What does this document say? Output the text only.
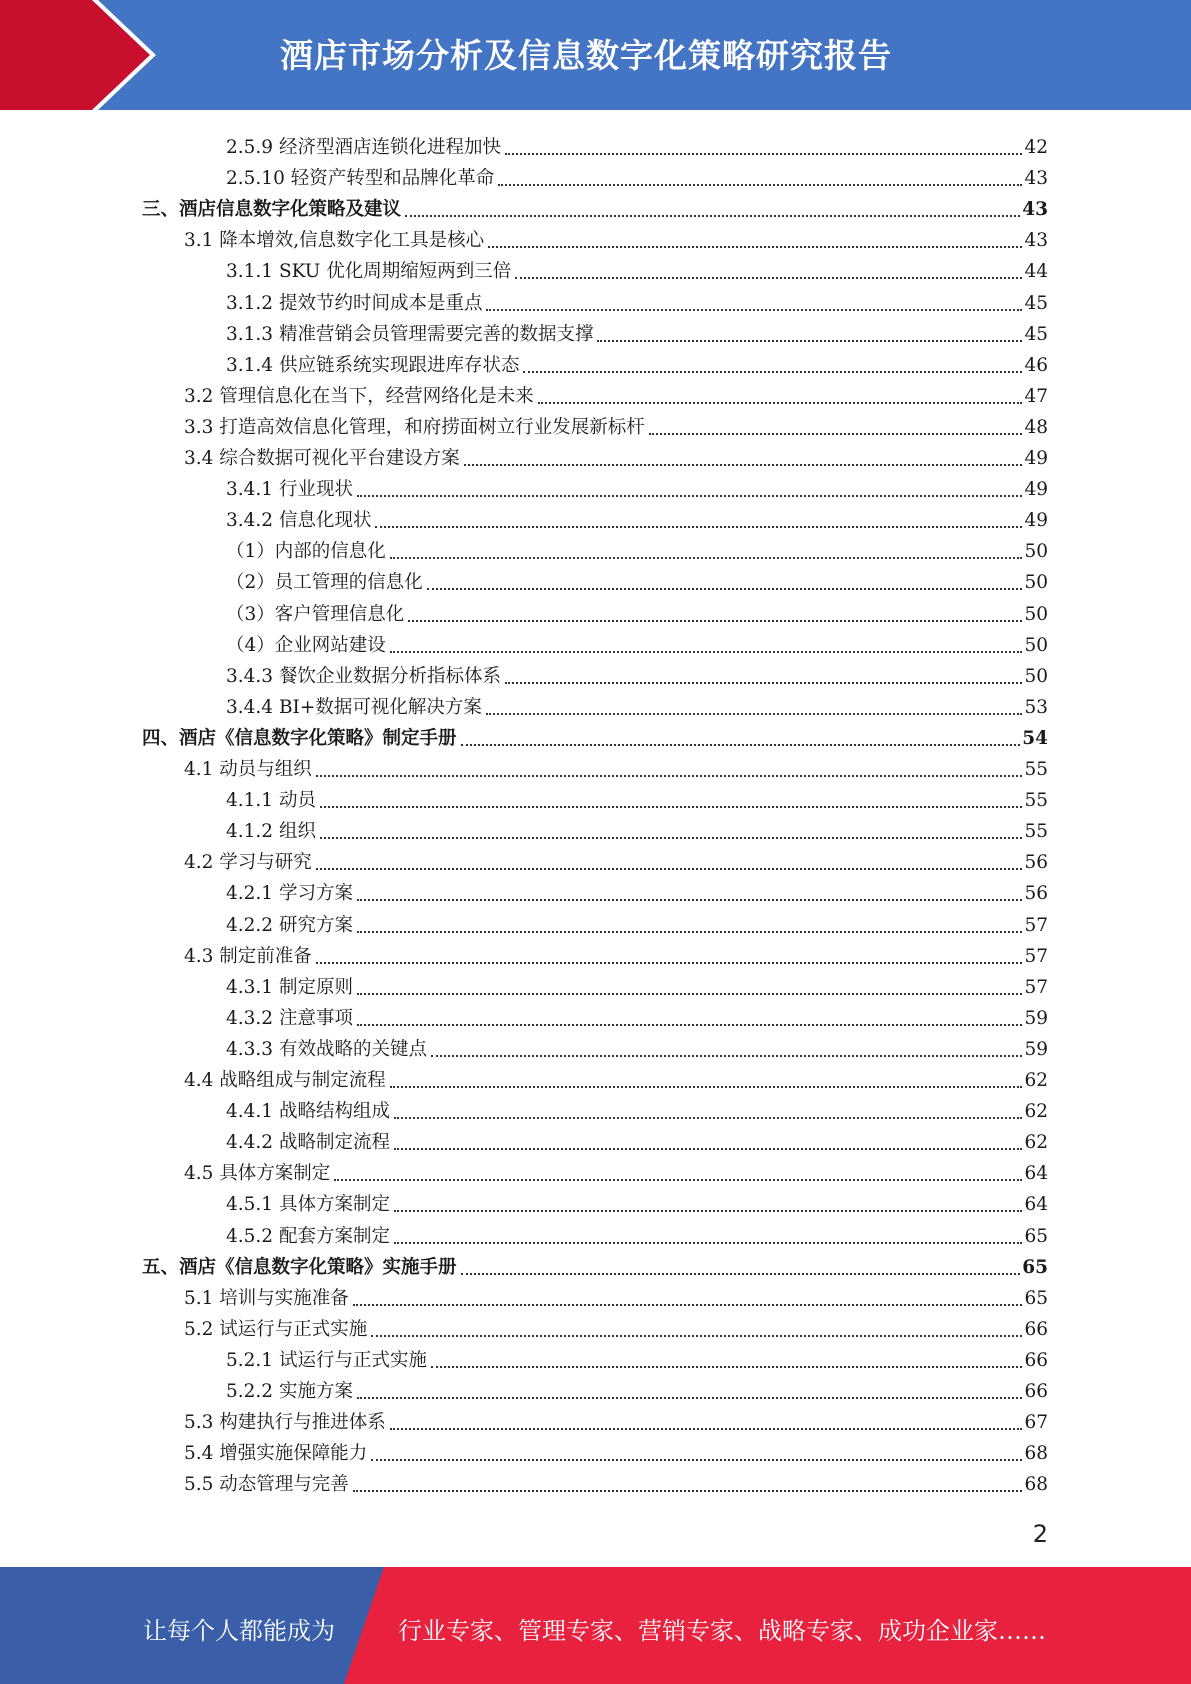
酒店市场分析及信息数字化策略研究报告
2.5.9 经济型酒店连锁化进程加快	42
2.5.10 轻资产转型和品牌化革命	43
三、酒店信息数字化策略及建议	43
3.1 降本增效,信息数字化工具是核心	43
3.1.1 SKU 优化周期缩短两到三倍	44
3.1.2 提效节约时间成本是重点	45
3.1.3 精准营销会员管理需要完善的数据支撑	45
3.1.4 供应链系统实现跟进库存状态	46
3.2 管理信息化在当下，经营网络化是未来	47
3.3 打造高效信息化管理，和府捞面树立行业发展新标杆	48
3.4 综合数据可视化平台建设方案	49
3.4.1 行业现状	49
3.4.2 信息化现状	49
（1）内部的信息化	50
（2）员工管理的信息化	50
（3）客户管理信息化	50
（4）企业网站建设	50
3.4.3 餐饮企业数据分析指标体系	50
3.4.4 BI+数据可视化解决方案	53
四、酒店《信息数字化策略》制定手册	54
4.1 动员与组织	55
4.1.1 动员	55
4.1.2 组织	55
4.2 学习与研究	56
4.2.1 学习方案	56
4.2.2 研究方案	57
4.3 制定前准备	57
4.3.1 制定原则	57
4.3.2 注意事项	59
4.3.3 有效战略的关键点	59
4.4 战略组成与制定流程	62
4.4.1 战略结构组成	62
4.4.2 战略制定流程	62
4.5 具体方案制定	64
4.5.1 具体方案制定	64
4.5.2 配套方案制定	65
五、酒店《信息数字化策略》实施手册	65
5.1 培训与实施准备	65
5.2 试运行与正式实施	66
5.2.1 试运行与正式实施	66
5.2.2 实施方案	66
5.3 构建执行与推进体系	67
5.4 增强实施保障能力	68
5.5 动态管理与完善	68
2
让每个人都能成为	行业专家、管理专家、营销专家、战略专家、成功企业家……
